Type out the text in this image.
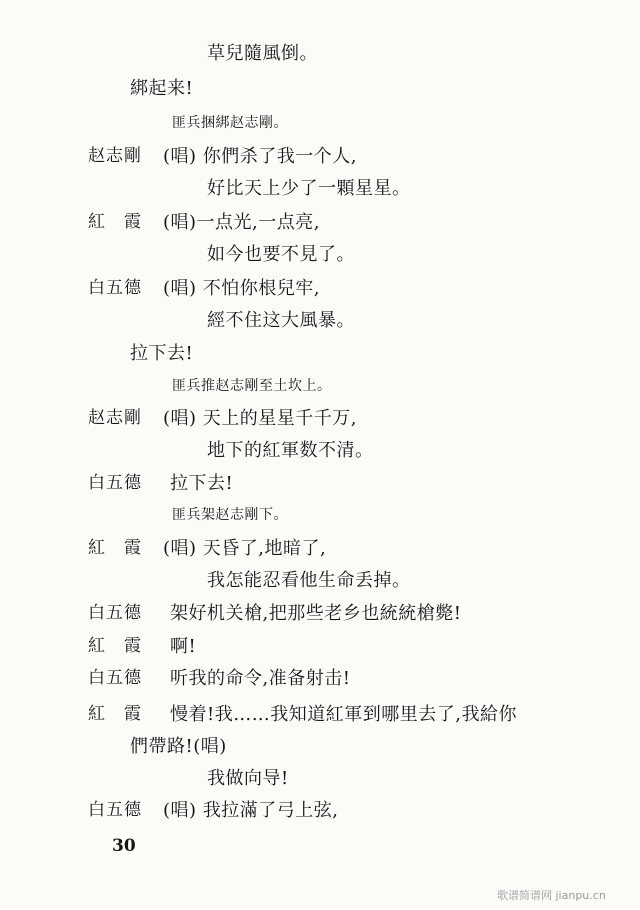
草兒隨風倒。
綁起来!
匪兵捆綁赵志剛。
赵志剛 (唱) 你們杀了我一个人,
好比天上少了一顆星星。
紅　霞 (唱)一点光,一点亮,
如今也要不見了。
白五德 (唱) 不怕你根兒牢,
經不住这大風暴。
拉下去!
匪兵推赵志剛至土坎上。
赵志剛 (唱) 天上的星星千千万,
地下的紅軍数不清。
白五德 拉下去!
匪兵架赵志剛下。
紅　霞 (唱) 天昏了,地暗了,
我怎能忍看他生命丢掉。
白五德 架好机关槍,把那些老乡也統統槍斃!
紅　霞 啊!
白五德 听我的命令,准备射击!
紅　霞 慢着!我……我知道紅軍到哪里去了,我給你
們帶路!(唱)
我做向导!
白五德 (唱) 我拉滿了弓上弦,
30
歌谱简谱网 jianpu.cn
